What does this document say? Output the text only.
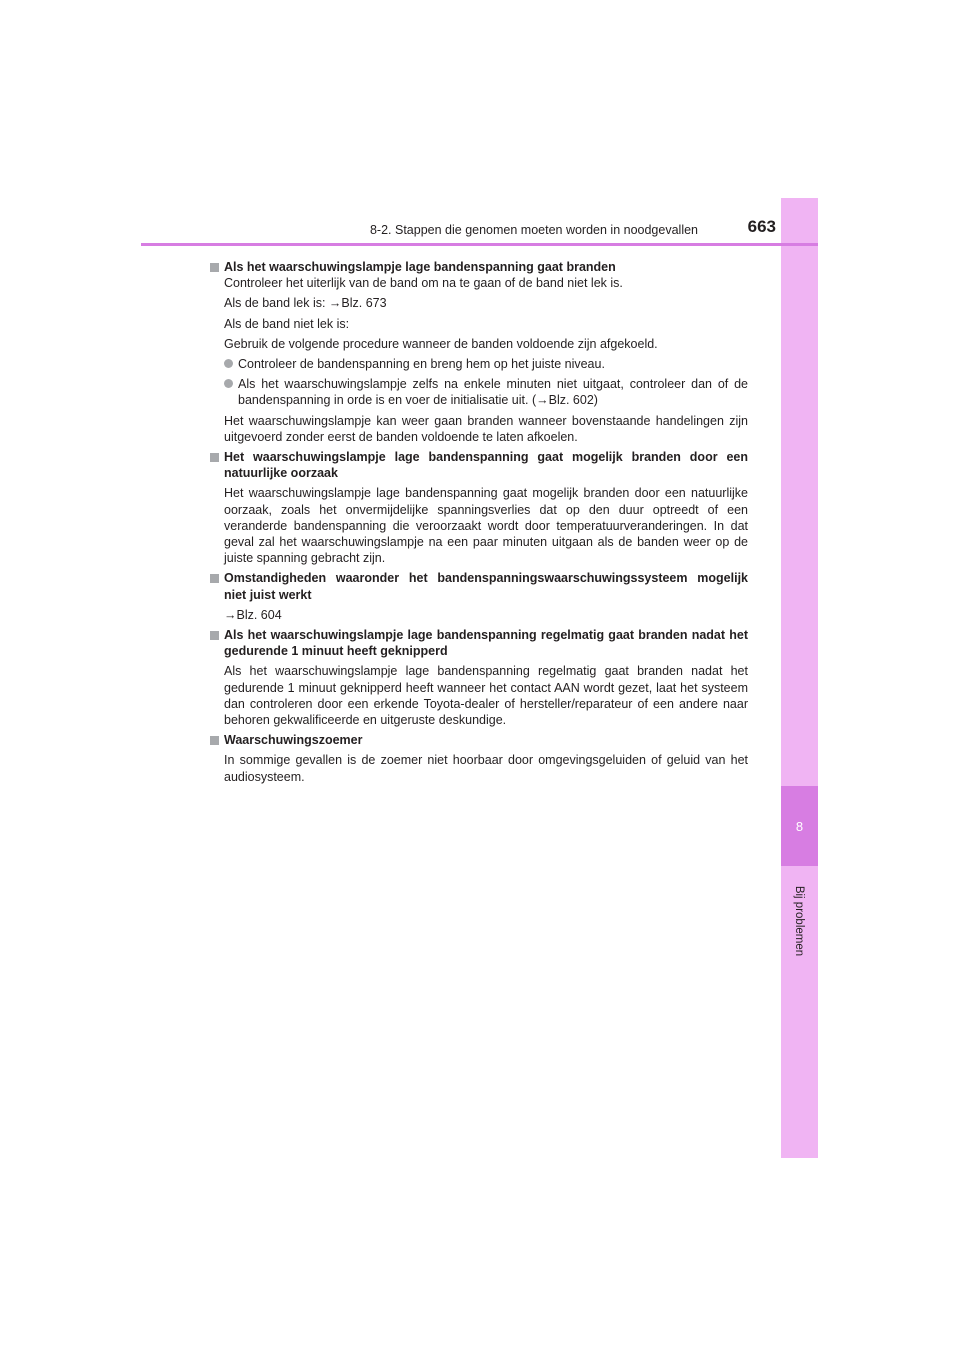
8
Bij problemen
8-2. Stappen die genomen moeten worden in noodgevallen	663
Als het waarschuwingslampje lage bandenspanning gaat branden
Controleer het uiterlijk van de band om na te gaan of de band niet lek is.
Als de band lek is: →Blz. 673
Als de band niet lek is:
Gebruik de volgende procedure wanneer de banden voldoende zijn afgekoeld.
Controleer de bandenspanning en breng hem op het juiste niveau.
Als het waarschuwingslampje zelfs na enkele minuten niet uitgaat, controleer dan of de bandenspanning in orde is en voer de initialisatie uit. (→Blz. 602)
Het waarschuwingslampje kan weer gaan branden wanneer bovenstaande handelingen zijn uitgevoerd zonder eerst de banden voldoende te laten afkoelen.
Het waarschuwingslampje lage bandenspanning gaat mogelijk branden door een natuurlijke oorzaak
Het waarschuwingslampje lage bandenspanning gaat mogelijk branden door een natuurlijke oorzaak, zoals het onvermijdelijke spanningsverlies dat op den duur optreedt of een veranderde bandenspanning die veroorzaakt wordt door temperatuurveranderingen. In dat geval zal het waarschuwingslampje na een paar minuten uitgaan als de banden weer op de juiste spanning gebracht zijn.
Omstandigheden waaronder het bandenspanningswaarschuwingssysteem mogelijk niet juist werkt
→Blz. 604
Als het waarschuwingslampje lage bandenspanning regelmatig gaat branden nadat het gedurende 1 minuut heeft geknipperd
Als het waarschuwingslampje lage bandenspanning regelmatig gaat branden nadat het gedurende 1 minuut geknipperd heeft wanneer het contact AAN wordt gezet, laat het systeem dan controleren door een erkende Toyota-dealer of hersteller/reparateur of een andere naar behoren gekwalificeerde en uitgeruste deskundige.
Waarschuwingszoemer
In sommige gevallen is de zoemer niet hoorbaar door omgevingsgeluiden of geluid van het audiosysteem.
